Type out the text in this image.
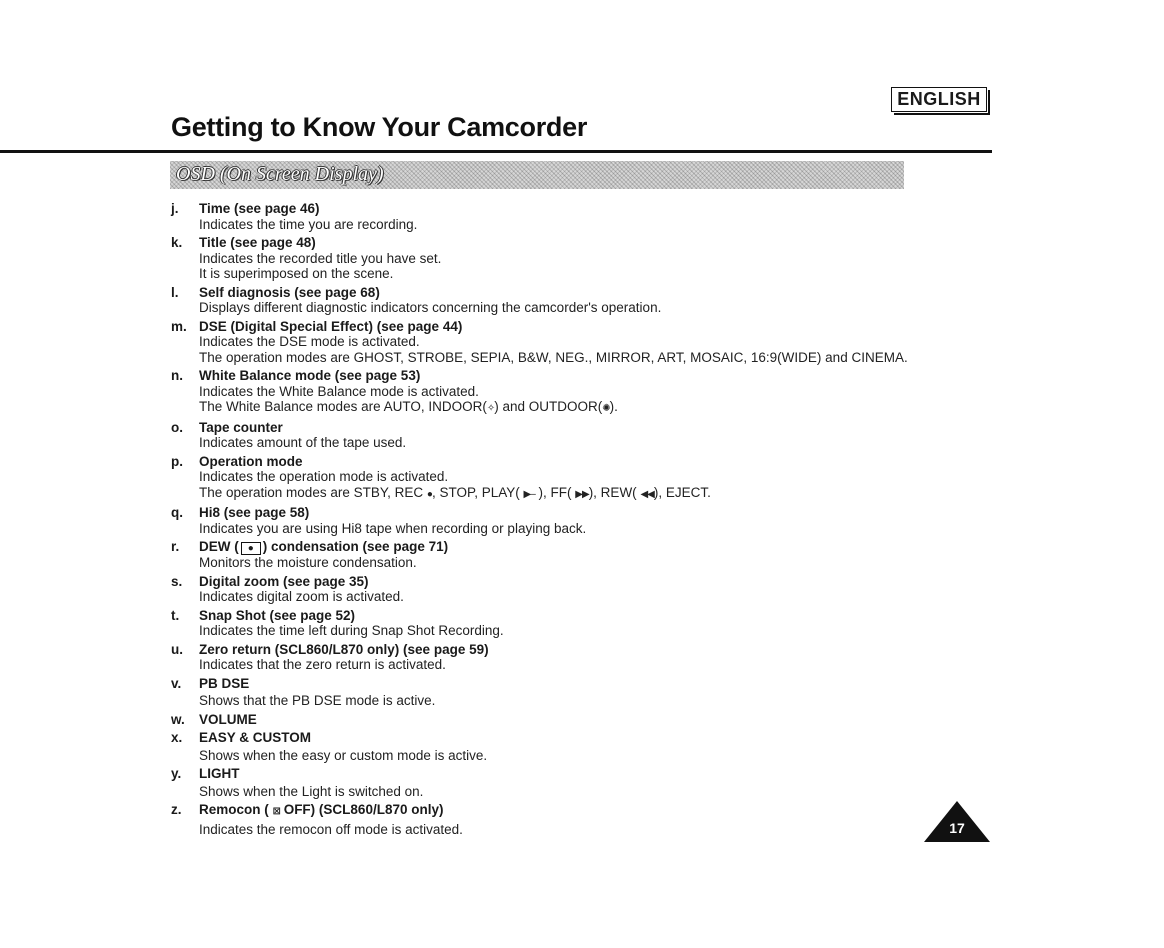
ENGLISH
Getting to Know Your Camcorder
OSD (On Screen Display)
j.	Time (see page 46)
Indicates the time you are recording.
k.	Title (see page 48)
Indicates the recorded title you have set.
It is superimposed on the scene.
l.	Self diagnosis (see page 68)
Displays different diagnostic indicators concerning the camcorder's operation.
m. DSE (Digital Special Effect) (see page 44)
Indicates the DSE mode is activated.
The operation modes are GHOST, STROBE, SEPIA, B&W, NEG., MIRROR, ART, MOSAIC, 16:9(WIDE) and CINEMA.
n.	White Balance mode (see page 53)
Indicates the White Balance mode is activated.
The White Balance modes are AUTO, INDOOR(✧) and OUTDOOR(✺).
o.	Tape counter
Indicates amount of the tape used.
p.	Operation mode
Indicates the operation mode is activated.
The operation modes are STBY, REC ●, STOP, PLAY( ▶– ), FF( ▶▶), REW( ◀◀), EJECT.
q.	Hi8 (see page 58)
Indicates you are using Hi8 tape when recording or playing back.
r.	DEW ( ● ) condensation (see page 71)
Monitors the moisture condensation.
s.	Digital zoom (see page 35)
Indicates digital zoom is activated.
t.	Snap Shot (see page 52)
Indicates the time left during Snap Shot Recording.
u.	Zero return (SCL860/L870 only) (see page 59)
Indicates that the zero return is activated.
v.	PB DSE
Shows that the PB DSE mode is active.
w.	VOLUME
x.	EASY & CUSTOM
Shows when the easy or custom mode is active.
y.	LIGHT
Shows when the Light is switched on.
z.	Remocon ( ⊠ OFF) (SCL860/L870 only)
Indicates the remocon off mode is activated.	17
